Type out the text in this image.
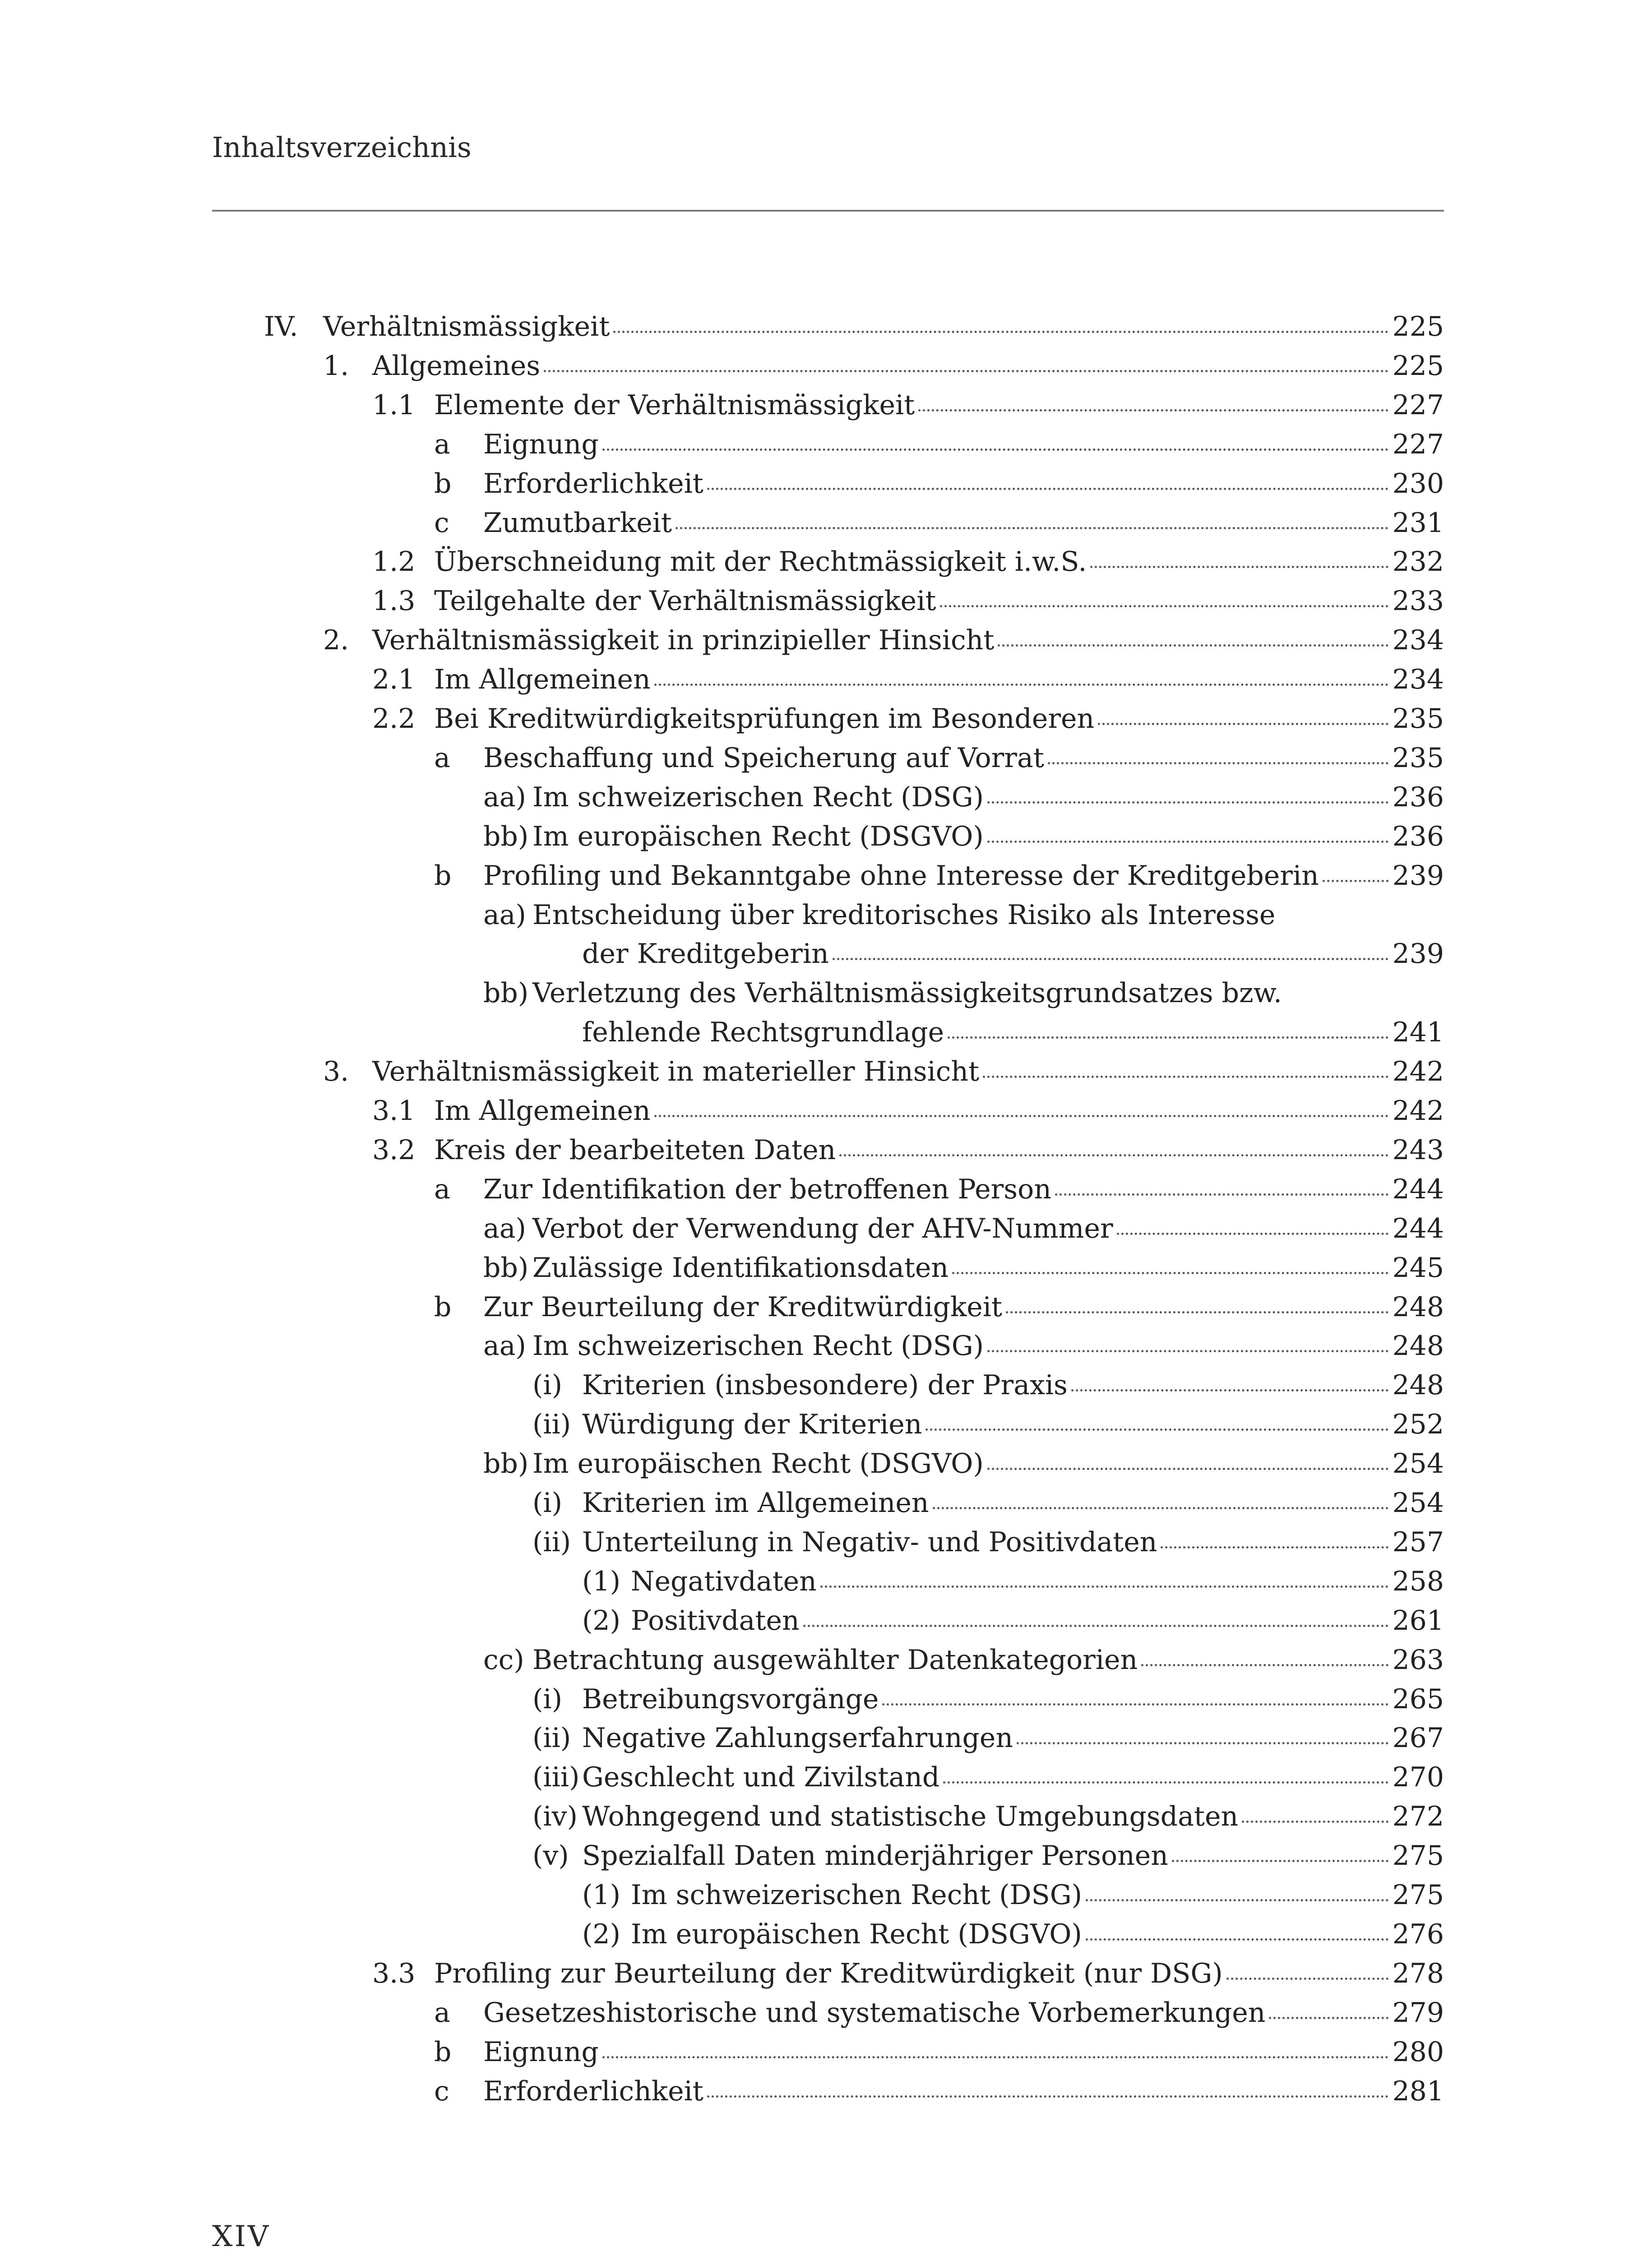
Inhaltsverzeichnis
IV. Verhältnismässigkeit	225
1. Allgemeines	225
1.1 Elemente der Verhältnismässigkeit	227
a Eignung	227
b Erforderlichkeit	230
c Zumutbarkeit	231
1.2 Überschneidung mit der Rechtmässigkeit i.w.S.	232
1.3 Teilgehalte der Verhältnismässigkeit	233
2. Verhältnismässigkeit in prinzipieller Hinsicht	234
2.1 Im Allgemeinen	234
2.2 Bei Kreditwürdigkeitsprüfungen im Besonderen	235
a Beschaffung und Speicherung auf Vorrat	235
aa) Im schweizerischen Recht (DSG)	236
bb) Im europäischen Recht (DSGVO)	236
b Profiling und Bekanntgabe ohne Interesse der Kreditgeberin	239
aa) Entscheidung über kreditorisches Risiko als Interesse
der Kreditgeberin	239
bb) Verletzung des Verhältnismässigkeitsgrundsatzes bzw.
fehlende Rechtsgrundlage	241
3. Verhältnismässigkeit in materieller Hinsicht	242
3.1 Im Allgemeinen	242
3.2 Kreis der bearbeiteten Daten	243
a Zur Identifikation der betroffenen Person	244
aa) Verbot der Verwendung der AHV-Nummer	244
bb) Zulässige Identifikationsdaten	245
b Zur Beurteilung der Kreditwürdigkeit	248
aa) Im schweizerischen Recht (DSG)	248
(i) Kriterien (insbesondere) der Praxis	248
(ii) Würdigung der Kriterien	252
bb) Im europäischen Recht (DSGVO)	254
(i) Kriterien im Allgemeinen	254
(ii) Unterteilung in Negativ- und Positivdaten	257
(1) Negativdaten	258
(2) Positivdaten	261
cc) Betrachtung ausgewählter Datenkategorien	263
(i) Betreibungsvorgänge	265
(ii) Negative Zahlungserfahrungen	267
(iii) Geschlecht und Zivilstand	270
(iv) Wohngegend und statistische Umgebungsdaten	272
(v) Spezialfall Daten minderjähriger Personen	275
(1) Im schweizerischen Recht (DSG)	275
(2) Im europäischen Recht (DSGVO)	276
3.3 Profiling zur Beurteilung der Kreditwürdigkeit (nur DSG)	278
a Gesetzeshistorische und systematische Vorbemerkungen	279
b Eignung	280
c Erforderlichkeit	281
XIV
